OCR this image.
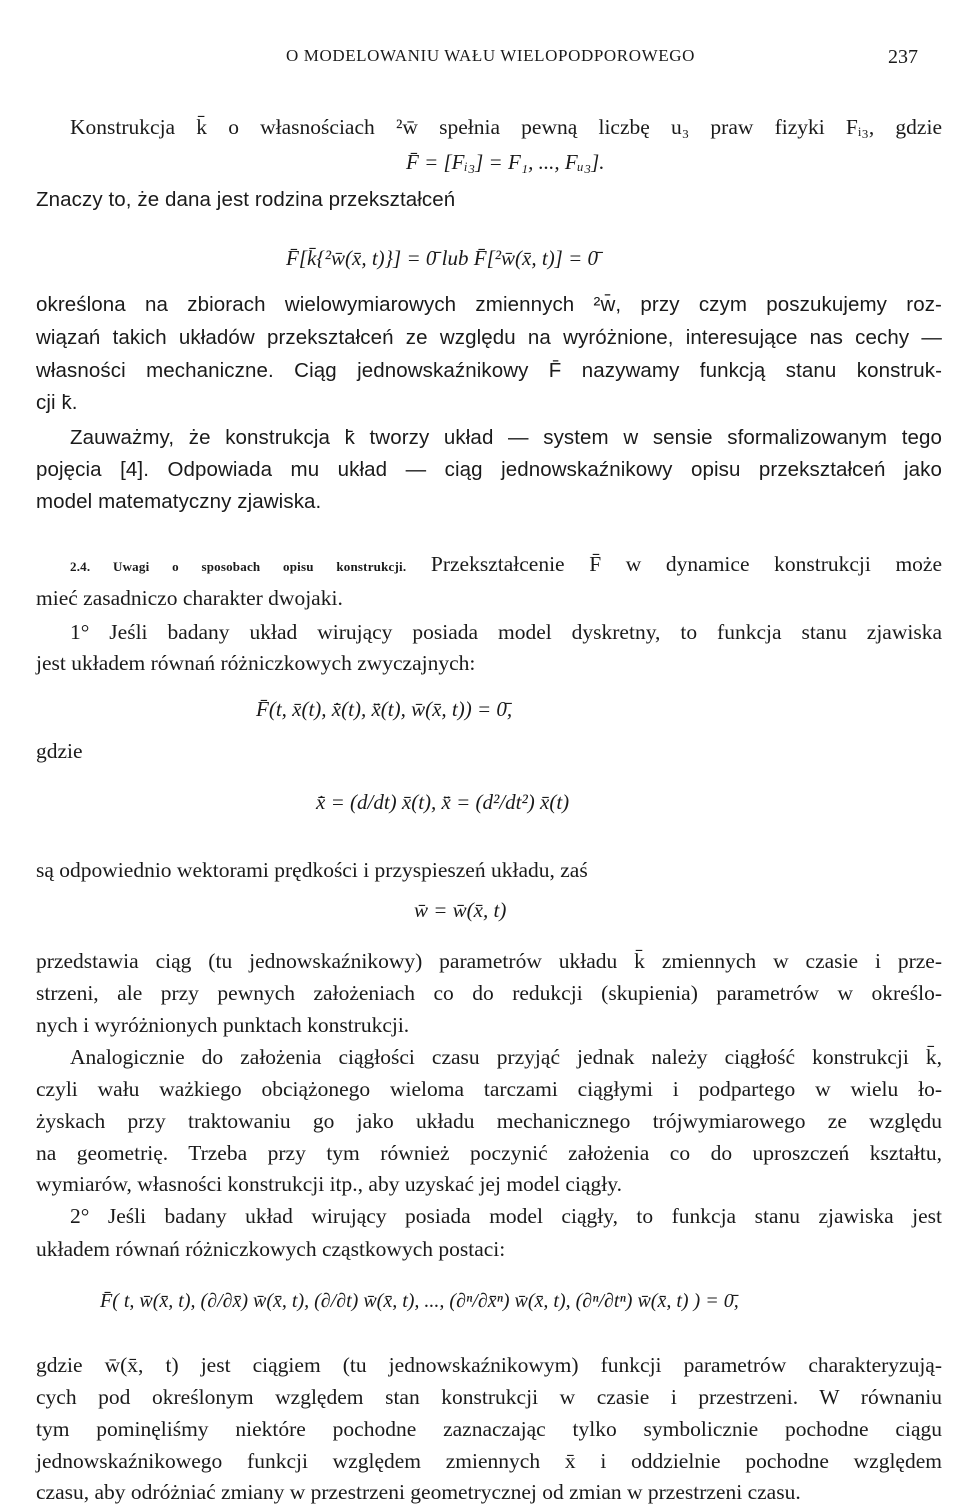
O MODELOWANIU WAŁU WIELOPODPOROWEGO	237
Konstrukcja k̄ o własnościach ²w̄ spełnia pewną liczbę u₃ praw fizyki Fᵢ₃, gdzie
F̄ = [Fᵢ₃] = F₁, ..., Fᵤ₃].
Znaczy to, że dana jest rodzina przekształceń
F̄[k̄{²w̄(x̄, t)}] = 0̄ lub F̄[²w̄(x̄, t)] = 0̄
określona na zbiorach wielowymiarowych zmiennych ²w̄, przy czym poszukujemy roz-
wiązań takich układów przekształceń ze względu na wyróżnione, interesujące nas cechy —
własności mechaniczne. Ciąg jednowskaźnikowy F̄ nazywamy funkcją stanu konstruk-
cji k̄.
Zauważmy, że konstrukcja k̄ tworzy układ — system w sensie sformalizowanym tego
pojęcia [4]. Odpowiada mu układ — ciąg jednowskaźnikowy opisu przekształceń jako
model matematyczny zjawiska.
2.4. Uwagi o sposobach opisu konstrukcji. Przekształcenie F̄ w dynamice konstrukcji może
mieć zasadniczo charakter dwojaki.
1° Jeśli badany układ wirujący posiada model dyskretny, to funkcja stanu zjawiska
jest układem równań różniczkowych zwyczajnych:
F̄(t, x̄(t), x̄̇(t), x̄̈(t), w̄(x̄, t)) = 0̄,
gdzie
x̄̇ = (d/dt) x̄(t), x̄̈ = (d²/dt²) x̄(t)
są odpowiednio wektorami prędkości i przyspieszeń układu, zaś
w̄ = w̄(x̄, t)
przedstawia ciąg (tu jednowskaźnikowy) parametrów układu k̄ zmiennych w czasie i prze-
strzeni, ale przy pewnych założeniach co do redukcji (skupienia) parametrów w określo-
nych i wyróżnionych punktach konstrukcji.
Analogicznie do założenia ciągłości czasu przyjąć jednak należy ciągłość konstrukcji k̄,
czyli wału ważkiego obciążonego wieloma tarczami ciągłymi i podpartego w wielu ło-
żyskach przy traktowaniu go jako układu mechanicznego trójwymiarowego ze względu
na geometrię. Trzeba przy tym również poczynić założenia co do uproszczeń kształtu,
wymiarów, własności konstrukcji itp., aby uzyskać jej model ciągły.
2° Jeśli badany układ wirujący posiada model ciągły, to funkcja stanu zjawiska jest
układem równań różniczkowych cząstkowych postaci:
F̄( t, w̄(x̄, t), (∂/∂x̄) w̄(x̄, t), (∂/∂t) w̄(x̄, t), ..., (∂ⁿ/∂x̄ⁿ) w̄(x̄, t), (∂ⁿ/∂tⁿ) w̄(x̄, t) ) = 0̄,
gdzie w̄(x̄, t) jest ciągiem (tu jednowskaźnikowym) funkcji parametrów charakteryzują-
cych pod określonym względem stan konstrukcji w czasie i przestrzeni. W równaniu
tym pominęliśmy niektóre pochodne zaznaczając tylko symbolicznie pochodne ciągu
jednowskaźnikowego funkcji względem zmiennych x̄ i oddzielnie pochodne względem
czasu, aby odróżniać zmiany w przestrzeni geometrycznej od zmian w przestrzeni czasu.
